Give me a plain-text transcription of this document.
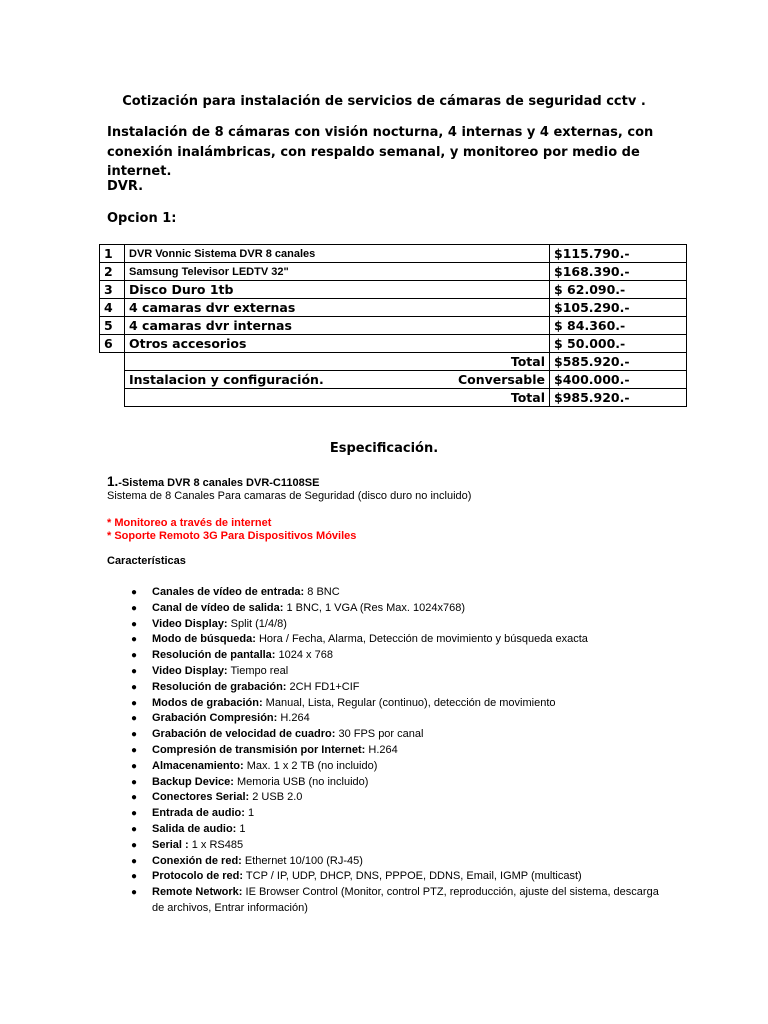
Cotización para instalación de servicios de cámaras de seguridad cctv .
Instalación de 8 cámaras con visión nocturna, 4 internas y 4 externas, con conexión inalámbricas, con respaldo semanal, y monitoreo por medio de internet.
DVR.
Opcion 1:
1	DVR Vonnic Sistema DVR 8 canales	$115.790.-
2	Samsung Televisor LEDTV 32"	$168.390.-
3	Disco Duro 1tb	$ 62.090.-
4	4 camaras dvr externas	$105.290.-
5	4 camaras dvr internas	$ 84.360.-
6	Otros accesorios	$ 50.000.-
	Total	$585.920.-

	Instalacion y configuración. Conversable	$400.000.-
	Total	$985.920.-
Especificación.
1.-Sistema DVR 8 canales DVR-C1108SE
Sistema de 8 Canales Para camaras de Seguridad (disco duro no incluido)
* Monitoreo a través de internet
* Soporte Remoto 3G Para Dispositivos Móviles
Características
● Canales de vídeo de entrada: 8 BNC
● Canal de vídeo de salida: 1 BNC, 1 VGA (Res Max. 1024x768)
● Video Display: Split (1/4/8)
● Modo de búsqueda: Hora / Fecha, Alarma, Detección de movimiento y búsqueda exacta
● Resolución de pantalla: 1024 x 768
● Video Display: Tiempo real
● Resolución de grabación: 2CH FD1+CIF
● Modos de grabación: Manual, Lista, Regular (continuo), detección de movimiento
● Grabación Compresión: H.264
● Grabación de velocidad de cuadro: 30 FPS por canal
● Compresión de transmisión por Internet: H.264
● Almacenamiento: Max. 1 x 2 TB (no incluido)
● Backup Device: Memoria USB (no incluido)
● Conectores Serial: 2 USB 2.0
● Entrada de audio: 1
● Salida de audio: 1
● Serial : 1 x RS485
● Conexión de red: Ethernet 10/100 (RJ-45)
● Protocolo de red: TCP / IP, UDP, DHCP, DNS, PPPOE, DDNS, Email, IGMP (multicast)
● Remote Network: IE Browser Control (Monitor, control PTZ, reproducción, ajuste del sistema, descarga de archivos, Entrar información)
